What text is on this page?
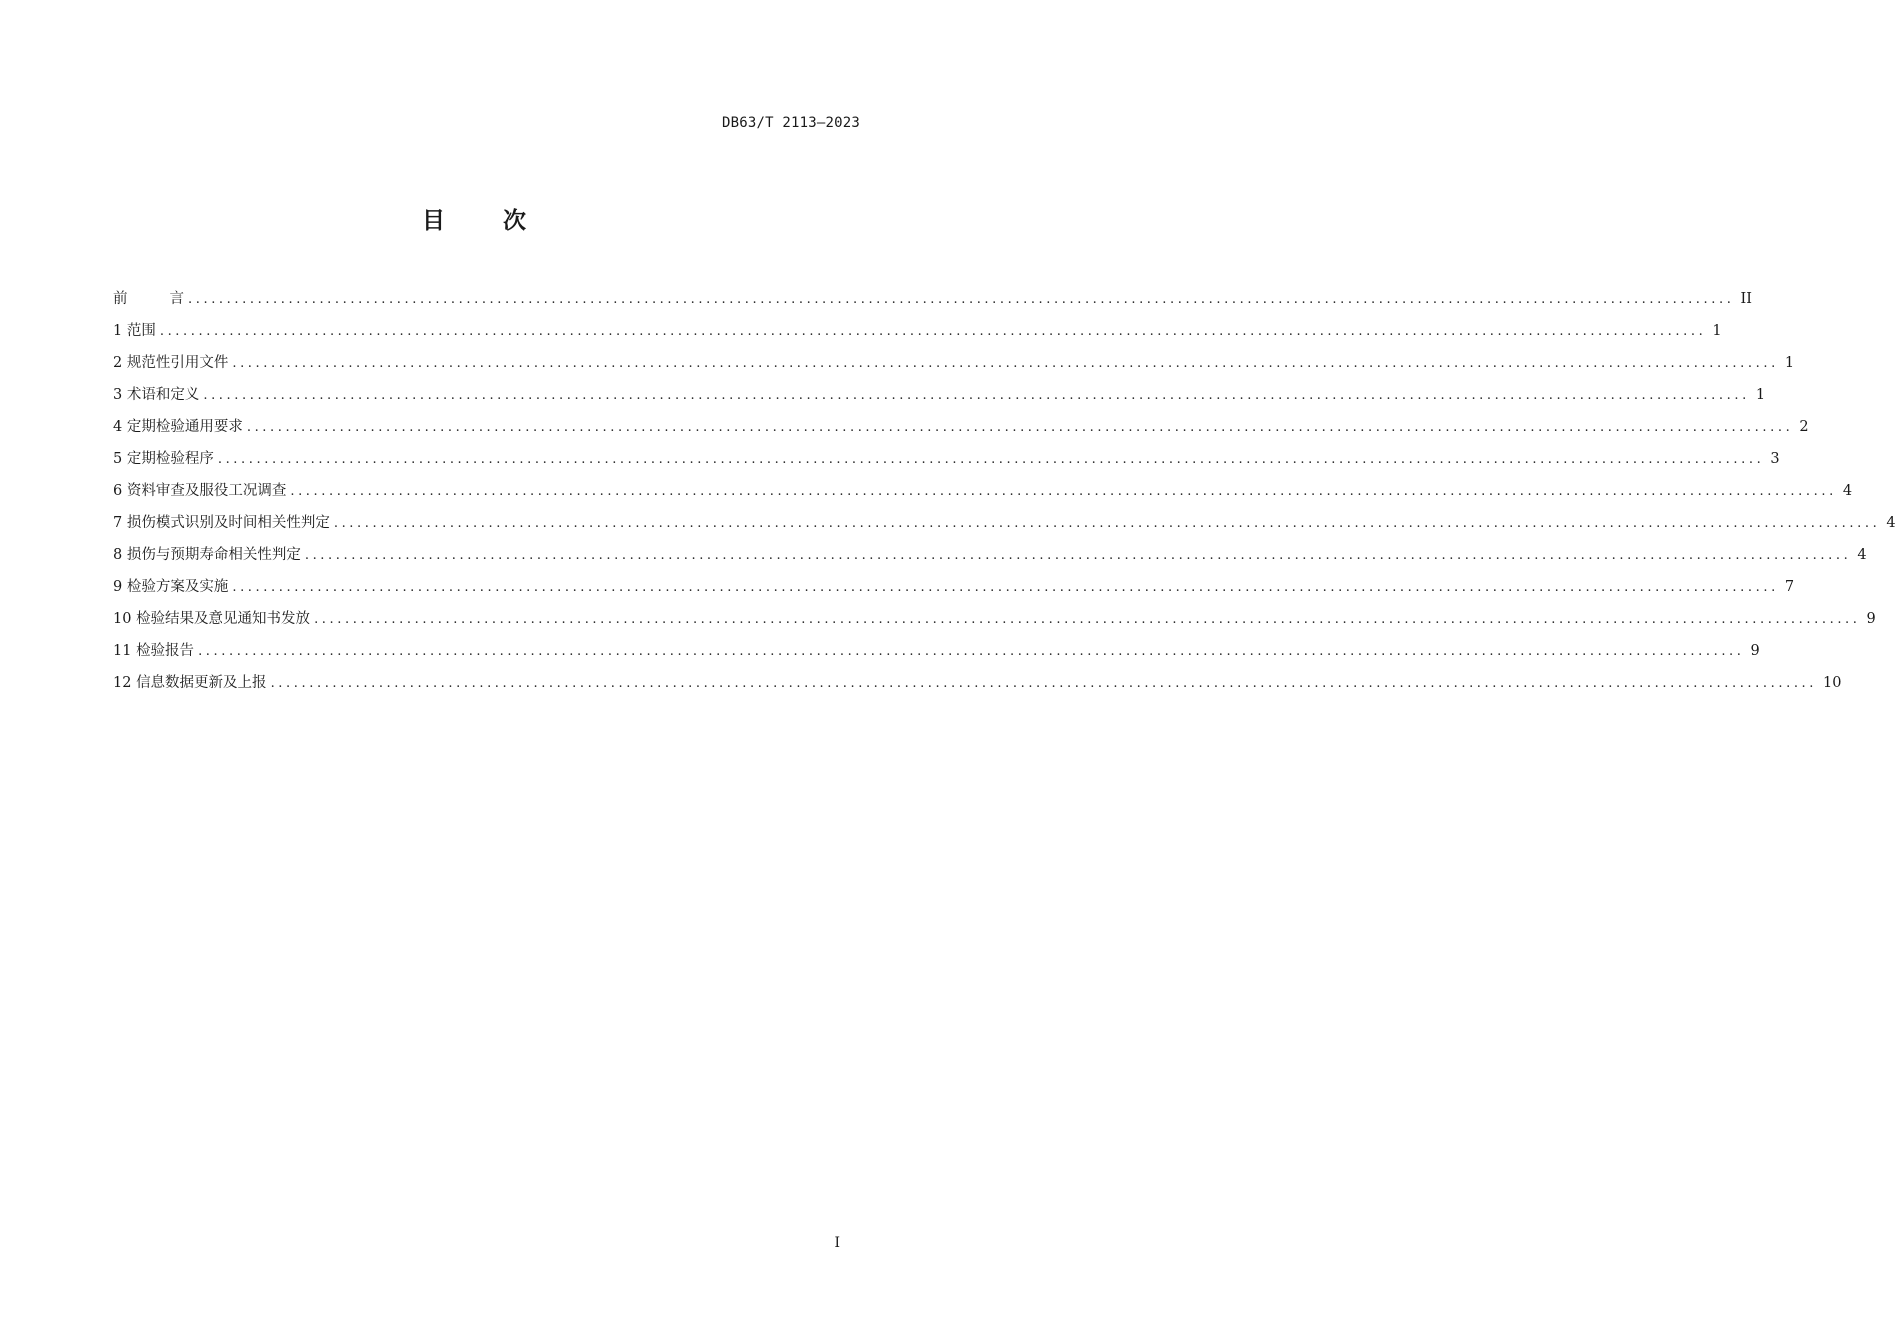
DB63/T 2113—2023
目 次
前	言 ........................................................................................................................................................................................................ II
1
范围 ........................................................................................................................................................................................................ 1
2
规范性引用文件 ........................................................................................................................................................................................................ 1
3
术语和定义 ........................................................................................................................................................................................................ 1
4
定期检验通用要求 ........................................................................................................................................................................................................ 2
5
定期检验程序 ........................................................................................................................................................................................................ 3
6
资料审查及服役工况调查 ........................................................................................................................................................................................................ 4
7
损伤模式识别及时间相关性判定 ........................................................................................................................................................................................................ 4
8
损伤与预期寿命相关性判定 ........................................................................................................................................................................................................ 4
9
检验方案及实施 ........................................................................................................................................................................................................ 7
10
检验结果及意见通知书发放 ........................................................................................................................................................................................................ 9
11
检验报告 ........................................................................................................................................................................................................ 9
12
信息数据更新及上报 ........................................................................................................................................................................................................ 10
I
